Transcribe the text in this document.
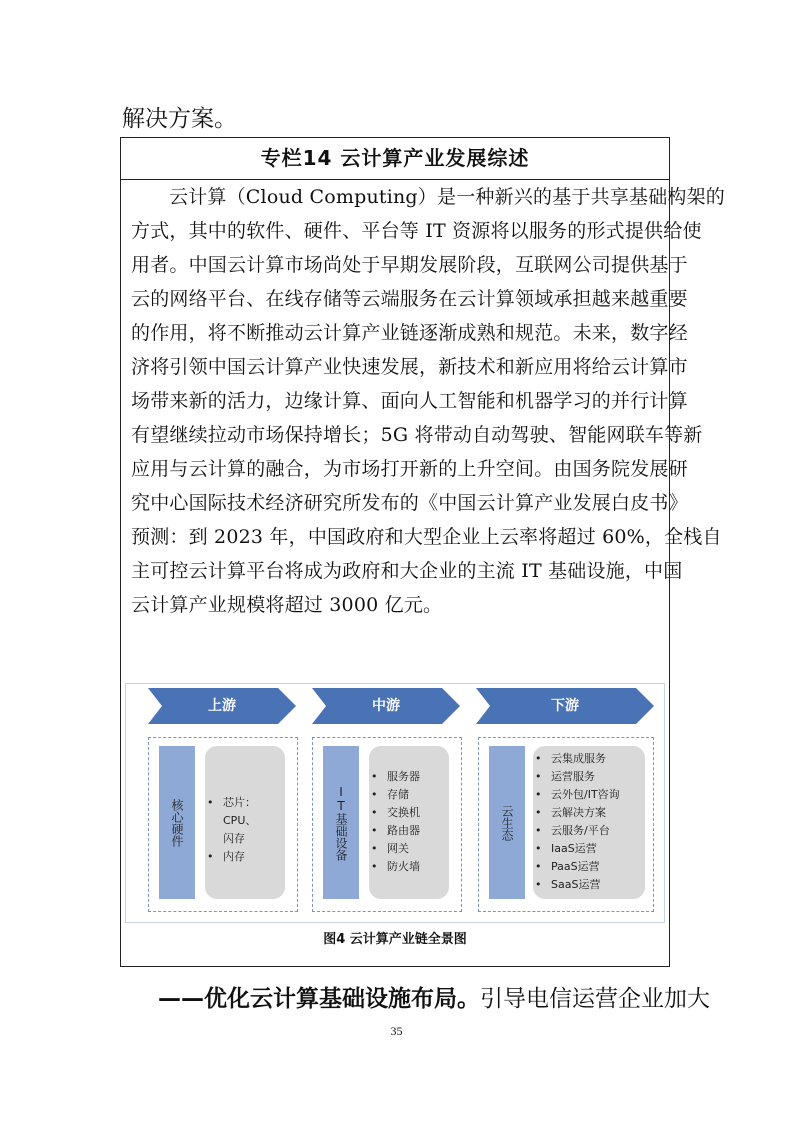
解决方案。
专栏14 云计算产业发展综述
云计算（Cloud Computing）是一种新兴的基于共享基础构架的
方式，其中的软件、硬件、平台等 IT 资源将以服务的形式提供给使
用者。中国云计算市场尚处于早期发展阶段，互联网公司提供基于
云的网络平台、在线存储等云端服务在云计算领域承担越来越重要
的作用，将不断推动云计算产业链逐渐成熟和规范。未来，数字经
济将引领中国云计算产业快速发展，新技术和新应用将给云计算市
场带来新的活力，边缘计算、面向人工智能和机器学习的并行计算
有望继续拉动市场保持增长；5G 将带动自动驾驶、智能网联车等新
应用与云计算的融合，为市场打开新的上升空间。由国务院发展研
究中心国际技术经济研究所发布的《中国云计算产业发展白皮书》
预测：到 2023 年，中国政府和大型企业上云率将超过 60%，全栈自
主可控云计算平台将成为政府和大企业的主流 IT 基础设施，中国
云计算产业规模将超过 3000 亿元。
上游	中游	下游
核心硬件
•	芯片：
CPU、
闪存
• 内存	IT基础设备
• 服务器
• 存储
• 交换机
• 路由器
• 网关
• 防火墙
云生态
• 云集成服务
• 运营服务
• 云外包/IT咨询
• 云解决方案
• 云服务/平台
• IaaS运营
• PaaS运营
• SaaS运营
图4 云计算产业链全景图
——优化云计算基础设施布局。引导电信运营企业加大
35
